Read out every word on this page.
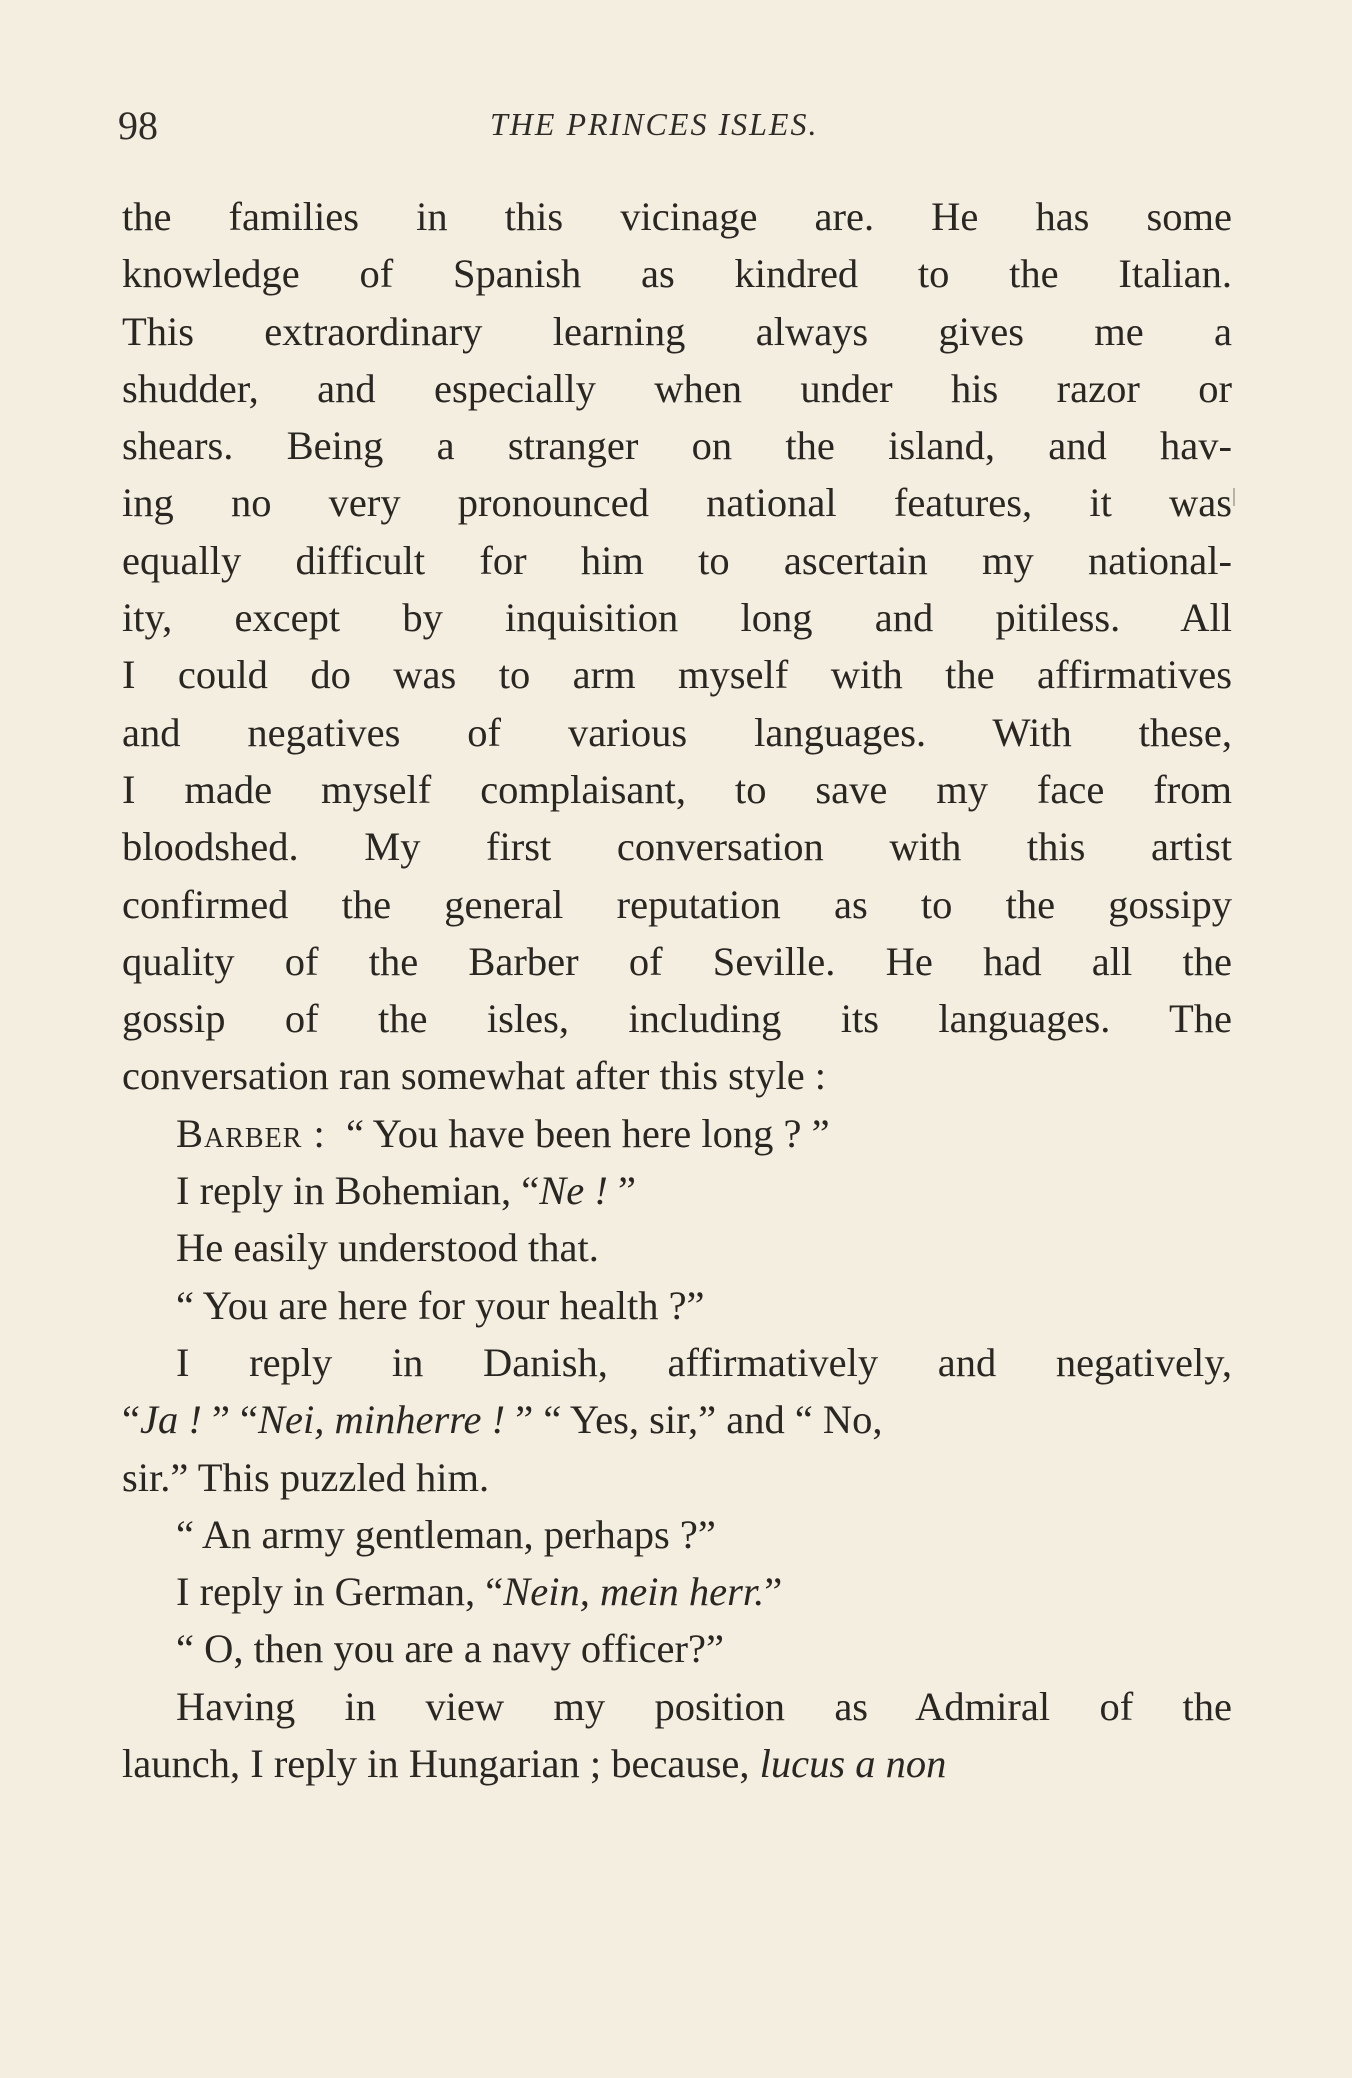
98	THE PRINCES ISLES.
the families in this vicinage are. He has some
knowledge of Spanish as kindred to the Italian.
This extraordinary learning always gives me a
shudder, and especially when under his razor or
shears. Being a stranger on the island, and hav-
ing no very pronounced national features, it was
equally difficult for him to ascertain my national-
ity, except by inquisition long and pitiless. All
I could do was to arm myself with the affirmatives
and negatives of various languages. With these,
I made myself complaisant, to save my face from
bloodshed. My first conversation with this artist
confirmed the general reputation as to the gossipy
quality of the Barber of Seville. He had all the
gossip of the isles, including its languages. The
conversation ran somewhat after this style :
Barber : “ You have been here long ? ”
I reply in Bohemian, “Ne ! ”
He easily understood that.
“ You are here for your health ?”
I reply in Danish, affirmatively and negatively,
“Ja ! ” “Nei, minherre ! ” “ Yes, sir,” and “ No,
sir.” This puzzled him.
“ An army gentleman, perhaps ?”
I reply in German, “Nein, mein herr.”
“ O, then you are a navy officer?”
Having in view my position as Admiral of the
launch, I reply in Hungarian ; because, lucus a non
